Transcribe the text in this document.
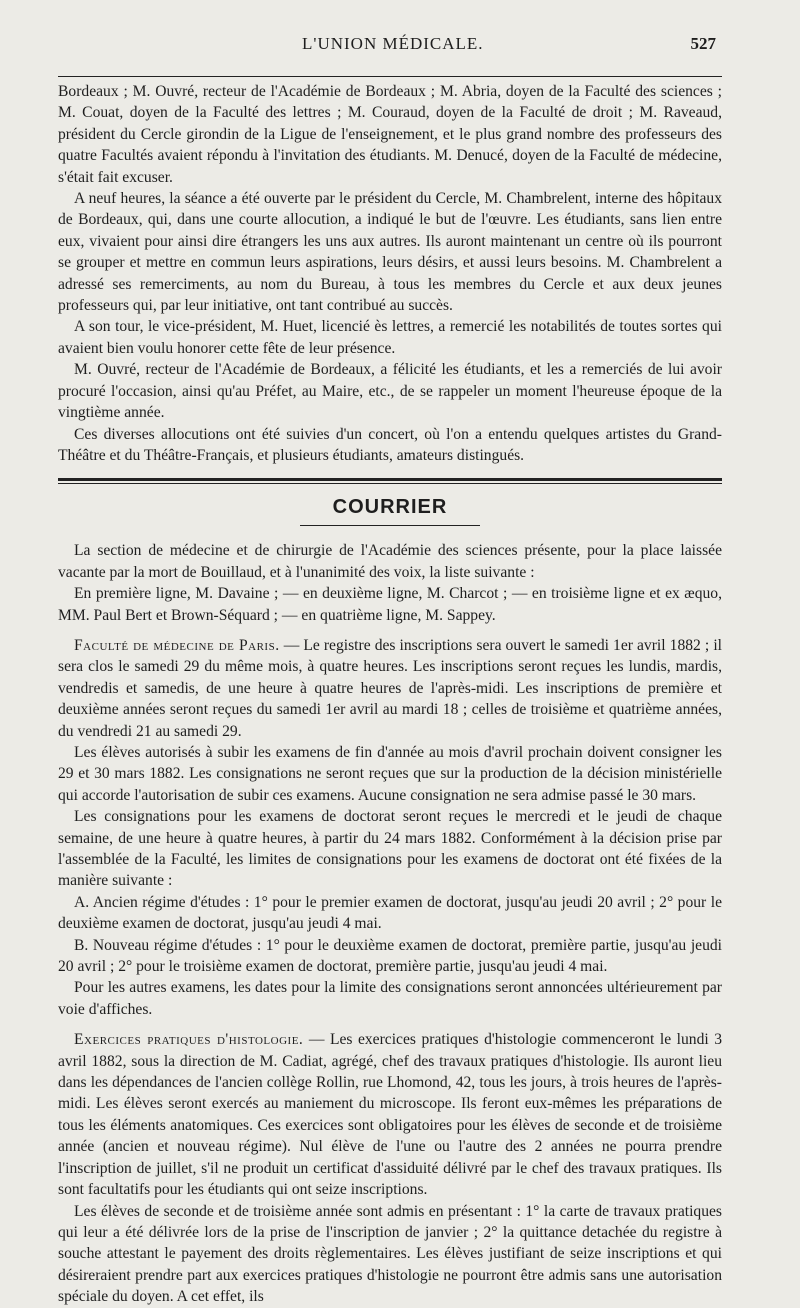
L'UNION MÉDICALE.	527

Bordeaux ; M. Ouvré, recteur de l'Académie de Bordeaux ; M. Abria, doyen de la Faculté des sciences ; M. Couat, doyen de la Faculté des lettres ; M. Couraud, doyen de la Faculté de droit ; M. Raveaud, président du Cercle girondin de la Ligue de l'enseignement, et le plus grand nombre des professeurs des quatre Facultés avaient répondu à l'invitation des étudiants. M. Denucé, doyen de la Faculté de médecine, s'était fait excuser.

A neuf heures, la séance a été ouverte par le président du Cercle, M. Chambrelent, interne des hôpitaux de Bordeaux, qui, dans une courte allocution, a indiqué le but de l'œuvre. Les étudiants, sans lien entre eux, vivaient pour ainsi dire étrangers les uns aux autres. Ils auront maintenant un centre où ils pourront se grouper et mettre en commun leurs aspirations, leurs désirs, et aussi leurs besoins. M. Chambrelent a adressé ses remerciments, au nom du Bureau, à tous les membres du Cercle et aux deux jeunes professeurs qui, par leur initiative, ont tant contribué au succès.

A son tour, le vice-président, M. Huet, licencié ès lettres, a remercié les notabilités de toutes sortes qui avaient bien voulu honorer cette fête de leur présence.

M. Ouvré, recteur de l'Académie de Bordeaux, a félicité les étudiants, et les a remerciés de lui avoir procuré l'occasion, ainsi qu'au Préfet, au Maire, etc., de se rappeler un moment l'heureuse époque de la vingtième année.

Ces diverses allocutions ont été suivies d'un concert, où l'on a entendu quelques artistes du Grand-Théâtre et du Théâtre-Français, et plusieurs étudiants, amateurs distingués.

COURRIER

La section de médecine et de chirurgie de l'Académie des sciences présente, pour la place laissée vacante par la mort de Bouillaud, et à l'unanimité des voix, la liste suivante :

En première ligne, M. Davaine ; — en deuxième ligne, M. Charcot ; — en troisième ligne et ex æquo, MM. Paul Bert et Brown-Séquard ; — en quatrième ligne, M. Sappey.

Faculté de médecine de Paris. — Le registre des inscriptions sera ouvert le samedi 1er avril 1882 ; il sera clos le samedi 29 du même mois, à quatre heures. Les inscriptions seront reçues les lundis, mardis, vendredis et samedis, de une heure à quatre heures de l'après-midi. Les inscriptions de première et deuxième années seront reçues du samedi 1er avril au mardi 18 ; celles de troisième et quatrième années, du vendredi 21 au samedi 29.

Les élèves autorisés à subir les examens de fin d'année au mois d'avril prochain doivent consigner les 29 et 30 mars 1882. Les consignations ne seront reçues que sur la production de la décision ministérielle qui accorde l'autorisation de subir ces examens. Aucune consignation ne sera admise passé le 30 mars.

Les consignations pour les examens de doctorat seront reçues le mercredi et le jeudi de chaque semaine, de une heure à quatre heures, à partir du 24 mars 1882. Conformément à la décision prise par l'assemblée de la Faculté, les limites de consignations pour les examens de doctorat ont été fixées de la manière suivante :

A. Ancien régime d'études : 1° pour le premier examen de doctorat, jusqu'au jeudi 20 avril ; 2° pour le deuxième examen de doctorat, jusqu'au jeudi 4 mai.

B. Nouveau régime d'études : 1° pour le deuxième examen de doctorat, première partie, jusqu'au jeudi 20 avril ; 2° pour le troisième examen de doctorat, première partie, jusqu'au jeudi 4 mai.

Pour les autres examens, les dates pour la limite des consignations seront annoncées ultérieurement par voie d'affiches.

Exercices pratiques d'histologie. — Les exercices pratiques d'histologie commenceront le lundi 3 avril 1882, sous la direction de M. Cadiat, agrégé, chef des travaux pratiques d'histologie. Ils auront lieu dans les dépendances de l'ancien collège Rollin, rue Lhomond, 42, tous les jours, à trois heures de l'après-midi. Les élèves seront exercés au maniement du microscope. Ils feront eux-mêmes les préparations de tous les éléments anatomiques. Ces exercices sont obligatoires pour les élèves de seconde et de troisième année (ancien et nouveau régime). Nul élève de l'une ou l'autre des 2 années ne pourra prendre l'inscription de juillet, s'il ne produit un certificat d'assiduité délivré par le chef des travaux pratiques. Ils sont facultatifs pour les étudiants qui ont seize inscriptions.

Les élèves de seconde et de troisième année sont admis en présentant : 1° la carte de travaux pratiques qui leur a été délivrée lors de la prise de l'inscription de janvier ; 2° la quittance detachée du registre à souche attestant le payement des droits règlementaires. Les élèves justifiant de seize inscriptions et qui désireraient prendre part aux exercices pratiques d'histologie ne pourront être admis sans une autorisation spéciale du doyen. A cet effet, ils
